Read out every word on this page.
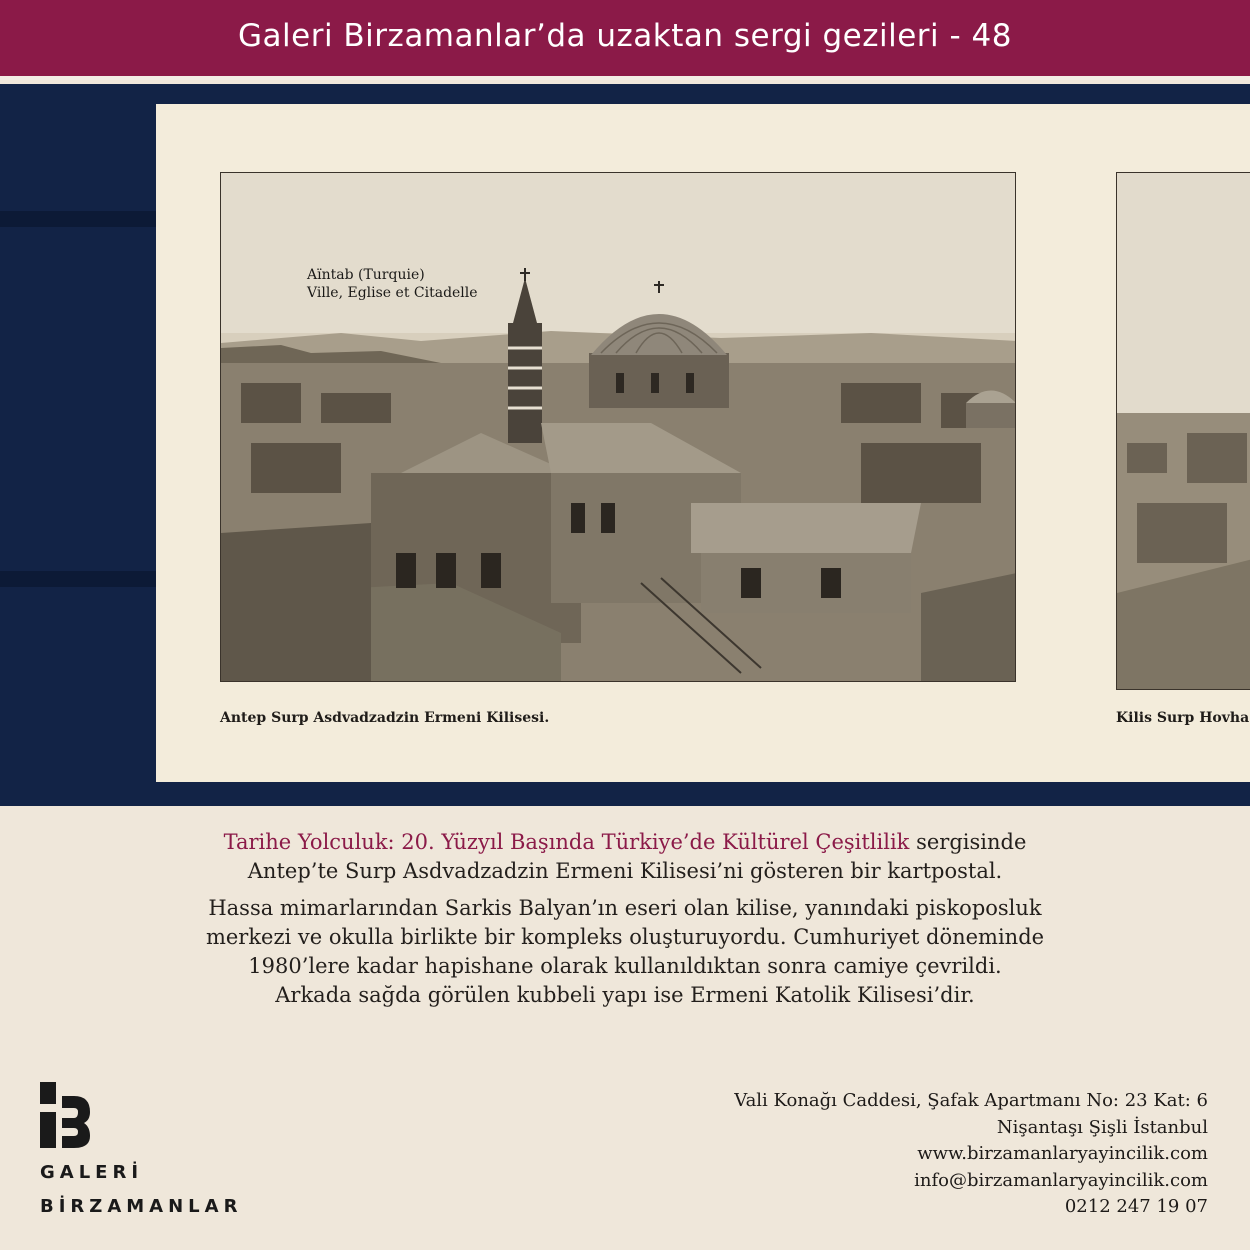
Galeri Birzamanlar’da uzaktan sergi gezileri - 48
Aïntab (Turquie)
Ville, Eglise et Citadelle
Antep Surp Asdvadzadzin Ermeni Kilisesi.	Kilis Surp Hovha

Tarihe Yolculuk: 20. Yüzyıl Başında Türkiye’de Kültürel Çeşitlilik sergisinde
Antep’te Surp Asdvadzadzin Ermeni Kilisesi’ni gösteren bir kartpostal.

Hassa mimarlarından Sarkis Balyan’ın eseri olan kilise, yanındaki piskoposluk
merkezi ve okulla birlikte bir kompleks oluşturuyordu. Cumhuriyet döneminde
1980’lere kadar hapishane olarak kullanıldıktan sonra camiye çevrildi.
Arkada sağda görülen kubbeli yapı ise Ermeni Katolik Kilisesi’dir.

GALERİ
BİRZAMANLAR
Vali Konağı Caddesi, Şafak Apartmanı No: 23 Kat: 6
Nişantaşı Şişli İstanbul
www.birzamanlaryayincilik.com
info@birzamanlaryayincilik.com
0212 247 19 07
